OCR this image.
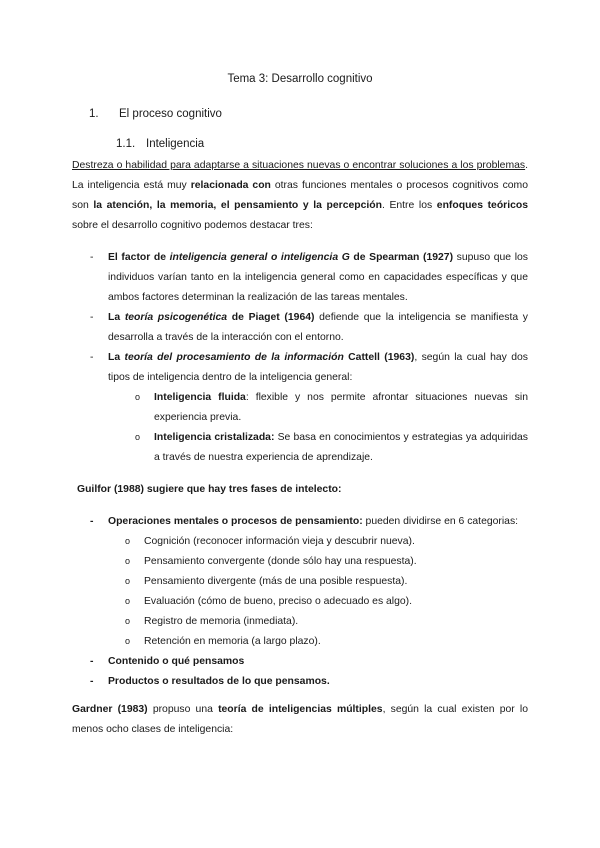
Tema 3: Desarrollo cognitivo
1. El proceso cognitivo
1.1. Inteligencia
Destreza o habilidad para adaptarse a situaciones nuevas o encontrar soluciones a los problemas. La inteligencia está muy relacionada con otras funciones mentales o procesos cognitivos como son la atención, la memoria, el pensamiento y la percepción. Entre los enfoques teóricos sobre el desarrollo cognitivo podemos destacar tres:
- El factor de inteligencia general o inteligencia G de Spearman (1927) supuso que los individuos varían tanto en la inteligencia general como en capacidades específicas y que ambos factores determinan la realización de las tareas mentales.
- La teoría psicogenética de Piaget (1964) defiende que la inteligencia se manifiesta y desarrolla a través de la interacción con el entorno.
- La teoría del procesamiento de la información Cattell (1963), según la cual hay dos tipos de inteligencia dentro de la inteligencia general:
o Inteligencia fluida: flexible y nos permite afrontar situaciones nuevas sin experiencia previa.
o Inteligencia cristalizada: Se basa en conocimientos y estrategias ya adquiridas a través de nuestra experiencia de aprendizaje.
Guilfor (1988) sugiere que hay tres fases de intelecto:
- Operaciones mentales o procesos de pensamiento: pueden dividirse en 6 categorias:
o Cognición (reconocer información vieja y descubrir nueva).
o Pensamiento convergente (donde sólo hay una respuesta).
o Pensamiento divergente (más de una posible respuesta).
o Evaluación (cómo de bueno, preciso o adecuado es algo).
o Registro de memoria (inmediata).
o Retención en memoria (a largo plazo).
- Contenido o qué pensamos
- Productos o resultados de lo que pensamos.
Gardner (1983) propuso una teoría de inteligencias múltiples, según la cual existen por lo menos ocho clases de inteligencia:
